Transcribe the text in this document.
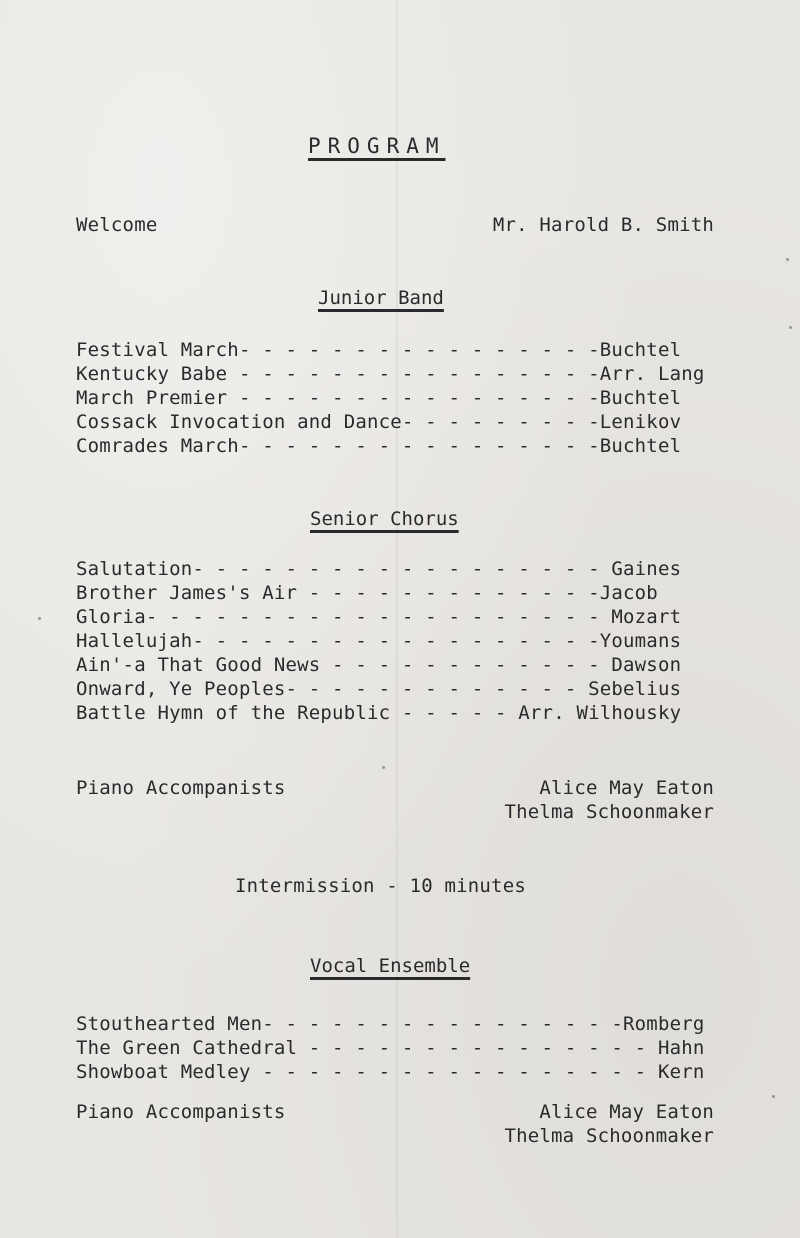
PROGRAM
Welcome	Mr. Harold B. Smith
Junior Band
Festival March- - - - - - - - - - - - - - - -Buchtel
Kentucky Babe - - - - - - - - - - - - - - - -Arr. Lang
March Premier - - - - - - - - - - - - - - - -Buchtel
Cossack Invocation and Dance- - - - - - - - -Lenikov
Comrades March- - - - - - - - - - - - - - - -Buchtel
Senior Chorus
Salutation- - - - - - - - - - - - - - - - - - Gaines
Brother James's Air - - - - - - - - - - - - -Jacob
Gloria- - - - - - - - - - - - - - - - - - - - Mozart
Hallelujah- - - - - - - - - - - - - - - - - -Youmans
Ain'-a That Good News - - - - - - - - - - - - Dawson
Onward, Ye Peoples- - - - - - - - - - - - - Sebelius
Battle Hymn of the Republic - - - - - Arr. Wilhousky
Piano Accompanists	Alice May Eaton
Thelma Schoonmaker
Intermission - 10 minutes
Vocal Ensemble
Stouthearted Men- - - - - - - - - - - - - - - -Romberg
The Green Cathedral - - - - - - - - - - - - - - - Hahn
Showboat Medley - - - - - - - - - - - - - - - - - Kern
Piano Accompanists	Alice May Eaton
Thelma Schoonmaker
